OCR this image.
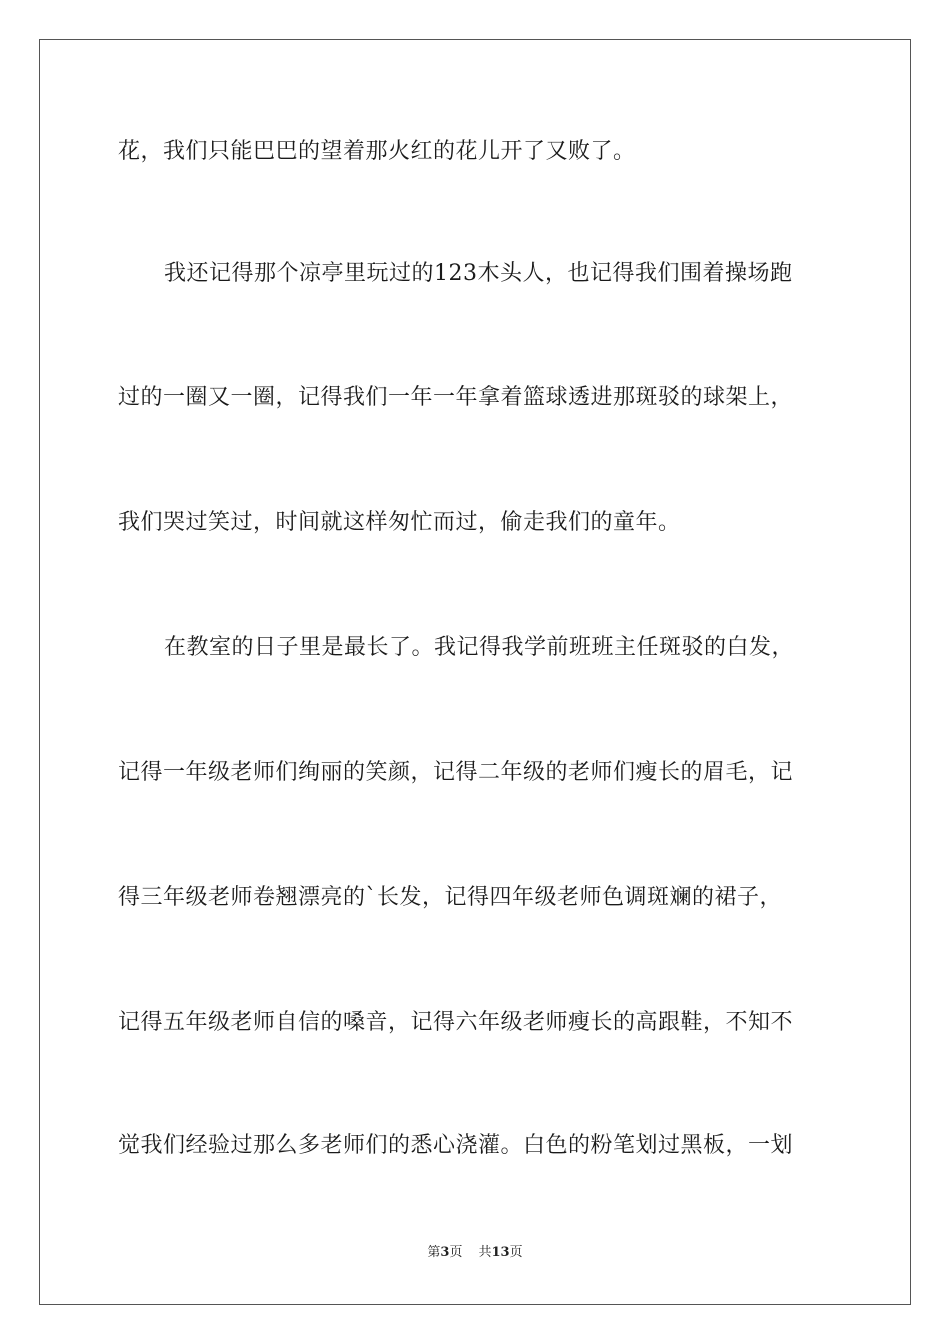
花，我们只能巴巴的望着那火红的花儿开了又败了。
我还记得那个凉亭里玩过的123木头人，也记得我们围着操场跑
过的一圈又一圈，记得我们一年一年拿着篮球透进那斑驳的球架上，
我们哭过笑过，时间就这样匆忙而过，偷走我们的童年。
在教室的日子里是最长了。我记得我学前班班主任斑驳的白发，
记得一年级老师们绚丽的笑颜，记得二年级的老师们瘦长的眉毛，记
得三年级老师卷翘漂亮的`长发，记得四年级老师色调斑斓的裙子，
记得五年级老师自信的嗓音，记得六年级老师瘦长的高跟鞋，不知不
觉我们经验过那么多老师们的悉心浇灌。白色的粉笔划过黑板，一划
第3页 共13页
